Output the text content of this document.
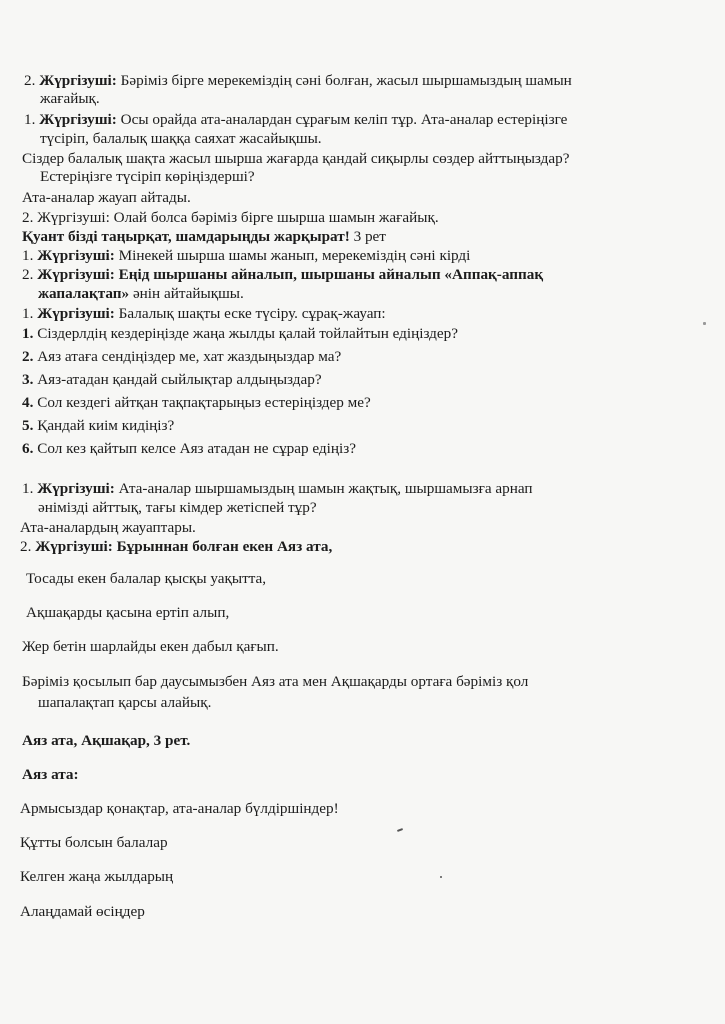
2. Жүргізуші: Бәріміз бірге мерекеміздің сәні болған, жасыл шыршамыздың шамын
жағайық.
1. Жүргізуші: Осы орайда ата-аналардан сұрағым келіп тұр. Ата-аналар естеріңізге
түсіріп, балалық шаққа саяхат жасайықшы.
Сіздер балалық шақта жасыл шырша жағарда қандай сиқырлы сөздер айттыңыздар?
Естеріңізге түсіріп көріңіздерші?
Ата-аналар жауап айтады.
2. Жүргізуші: Олай болса бәріміз бірге шырша шамын жағайық.
Қуант бізді таңырқат, шамдарыңды жарқырат! 3 рет
1. Жүргізуші: Мінекей шырша шамы жанып, мерекеміздің сәні кірді
2. Жүргізуші: Еңід шыршаны айналып, шыршаны айналып «Аппақ-аппақ
жапалақтап» әнін айтайықшы.
1. Жүргізуші: Балалық шақты еске түсіру. сұрақ-жауап:
1. Сіздерлдің кездеріңізде жаңа жылды қалай тойлайтын едіңіздер?
2. Аяз атаға сендіңіздер ме, хат жаздыңыздар ма?
3. Аяз-атадан қандай сыйлықтар алдыңыздар?
4. Сол кездегі айтқан тақпақтарыңыз естеріңіздер ме?
5. Қандай киім кидіңіз?
6. Сол кез қайтып келсе Аяз атадан не сұрар едіңіз?
1. Жүргізуші: Ата-аналар шыршамыздың шамын жақтық, шыршамызға арнап
әнімізді айттық, тағы кімдер жетіспей тұр?
Ата-аналардың жауаптары.
2. Жүргізуші: Бұрыннан болған екен Аяз ата,
Тосады екен балалар қысқы уақытта,
Ақшақарды қасына ертіп алып,
Жер бетін шарлайды екен дабыл қағып.
Бәріміз қосылып бар даусымызбен Аяз ата мен Ақшақарды ортаға бәріміз қол
шапалақтап қарсы алайық.
Аяз ата, Ақшақар, 3 рет.
Аяз ата:
Армысыздар қонақтар, ата-аналар бүлдіршіндер!
Құтты болсын балалар
Келген жаңа жылдарың
Алаңдамай өсіңдер
